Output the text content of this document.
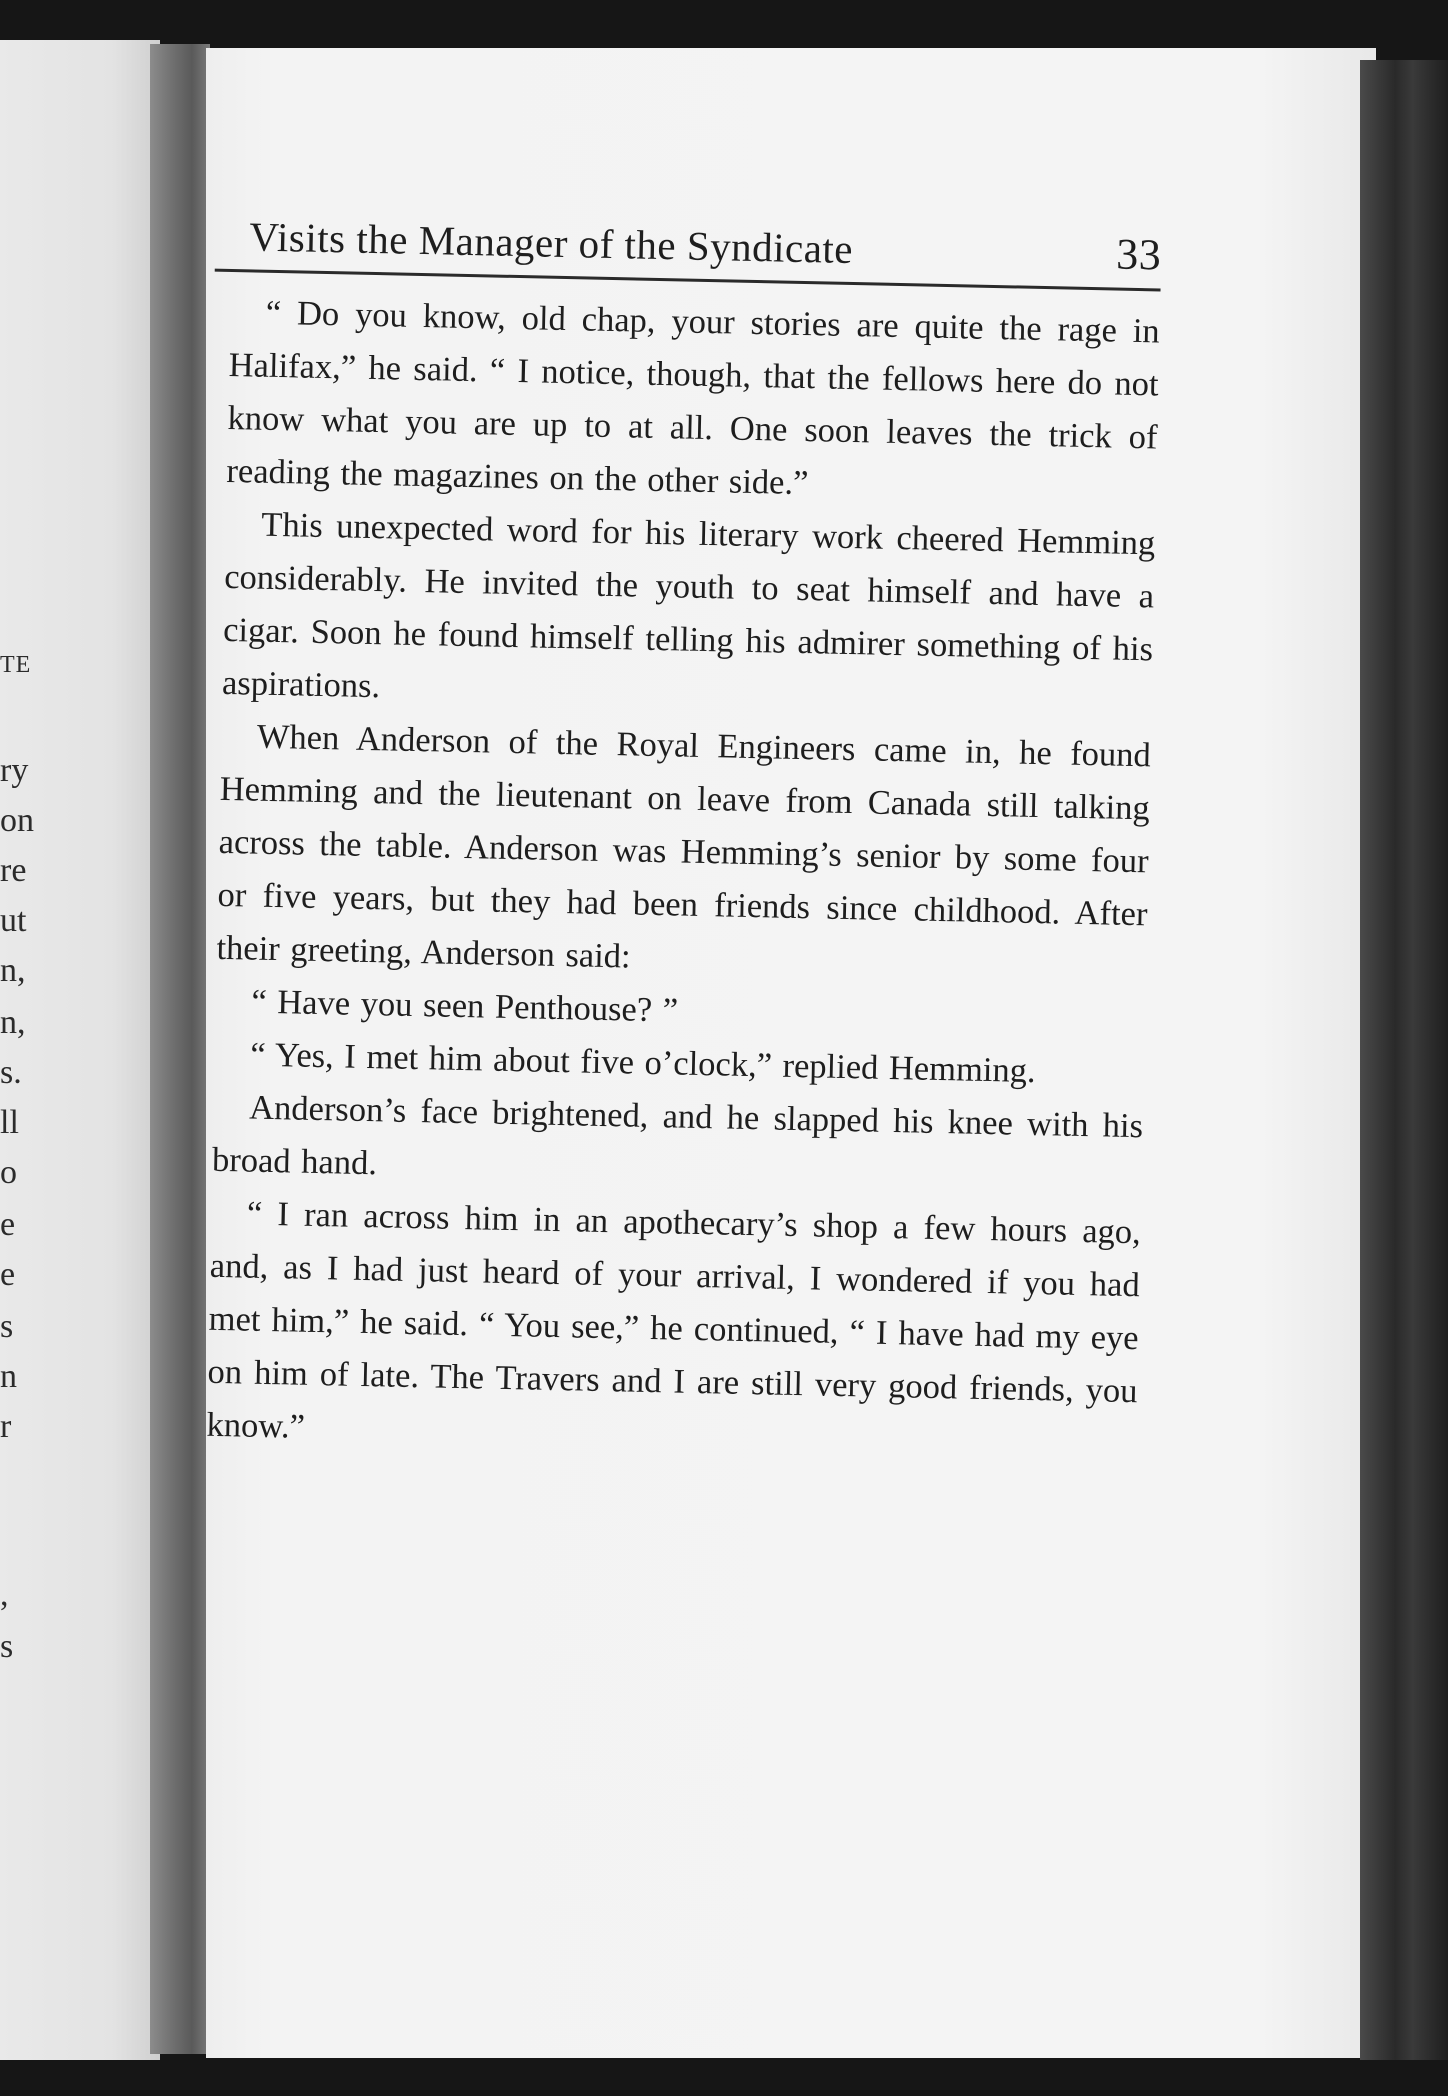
TE
ry
on
re
ut
n,
n,
s.
ll
o
e
e
s
n
r
,
s
Visits the Manager of the Syndicate	33

“ Do you know, old chap, your stories are quite the rage in Halifax,” he said. “ I notice, though, that the fellows here do not know what you are up to at all. One soon leaves the trick of reading the magazines on the other side.”

This unexpected word for his literary work cheered Hemming considerably. He invited the youth to seat himself and have a cigar. Soon he found himself telling his admirer something of his aspirations.

When Anderson of the Royal Engineers came in, he found Hemming and the lieutenant on leave from Canada still talking across the table. Anderson was Hemming’s senior by some four or five years, but they had been friends since childhood. After their greeting, Anderson said:

“ Have you seen Penthouse? ”

“ Yes, I met him about five o’clock,” replied Hemming.

Anderson’s face brightened, and he slapped his knee with his broad hand.

“ I ran across him in an apothecary’s shop a few hours ago, and, as I had just heard of your arrival, I wondered if you had met him,” he said. “ You see,” he continued, “ I have had my eye on him of late. The Travers and I are still very good friends, you know.”
